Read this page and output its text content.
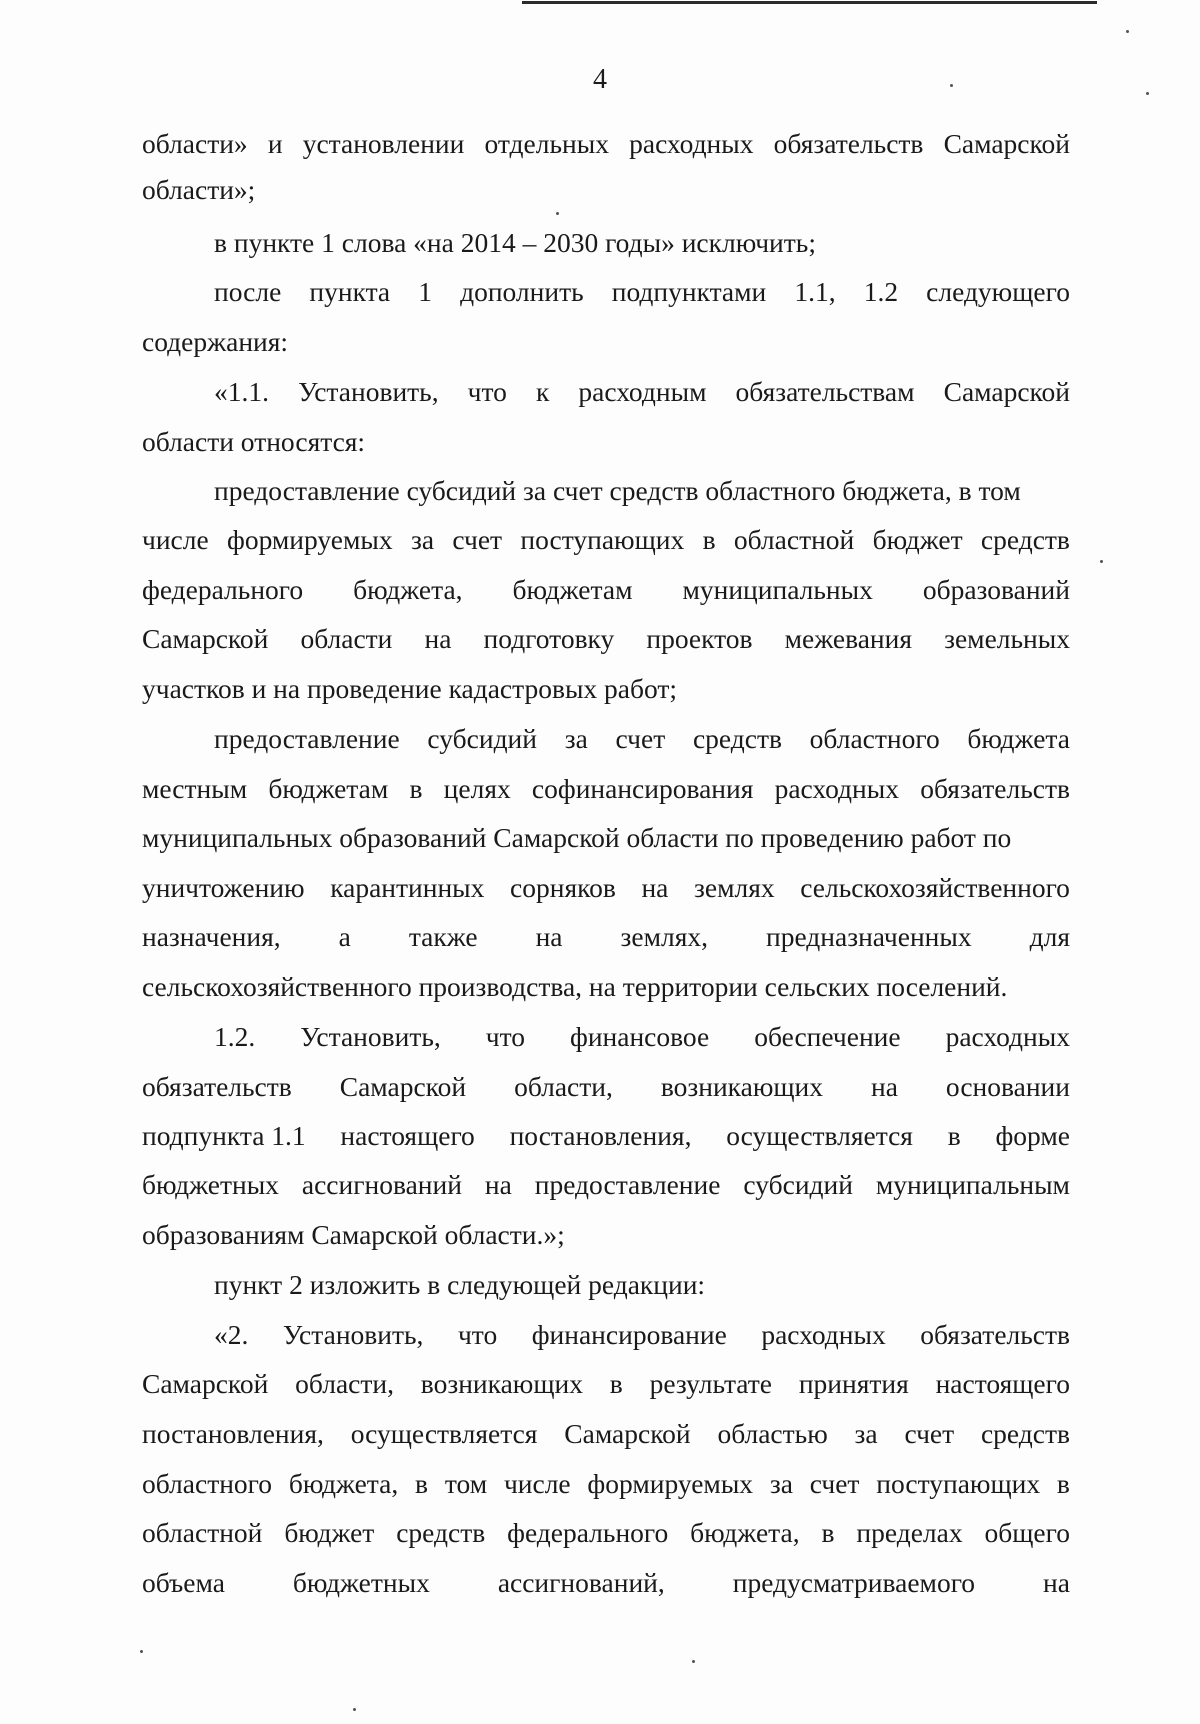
4
области» и установлении отдельных расходных обязательств Самарской
области»;
в пункте 1 слова «на 2014 – 2030 годы» исключить;
после пункта 1 дополнить подпунктами 1.1, 1.2 следующего
содержания:
«1.1. Установить, что к расходным обязательствам Самарской
области относятся:
предоставление субсидий за счет средств областного бюджета, в том
числе формируемых за счет поступающих в областной бюджет средств
федерального бюджета, бюджетам муниципальных образований
Самарской области на подготовку проектов межевания земельных
участков и на проведение кадастровых работ;
предоставление субсидий за счет средств областного бюджета
местным бюджетам в целях софинансирования расходных обязательств
муниципальных образований Самарской области по проведению работ по
уничтожению карантинных сорняков на землях сельскохозяйственного
назначения, а также на землях, предназначенных для
сельскохозяйственного производства, на территории сельских поселений.
1.2. Установить, что финансовое обеспечение расходных
обязательств Самарской области, возникающих на основании
подпункта 1.1 настоящего постановления, осуществляется в форме
бюджетных ассигнований на предоставление субсидий муниципальным
образованиям Самарской области.»;
пункт 2 изложить в следующей редакции:
«2. Установить, что финансирование расходных обязательств
Самарской области, возникающих в результате принятия настоящего
постановления, осуществляется Самарской областью за счет средств
областного бюджета, в том числе формируемых за счет поступающих в
областной бюджет средств федерального бюджета, в пределах общего
объема бюджетных ассигнований, предусматриваемого на
